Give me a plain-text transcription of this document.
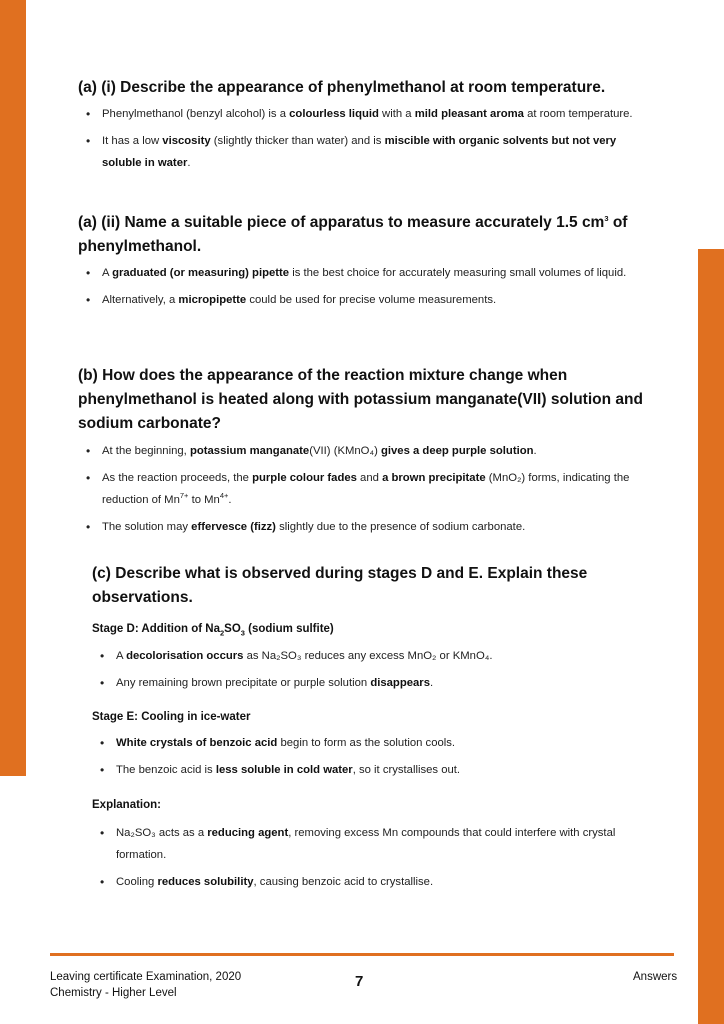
(a) (i) Describe the appearance of phenylmethanol at room temperature.
• Phenylmethanol (benzyl alcohol) is a colourless liquid with a mild pleasant aroma at room temperature.
• It has a low viscosity (slightly thicker than water) and is miscible with organic solvents but not very soluble in water.
(a) (ii) Name a suitable piece of apparatus to measure accurately 1.5 $cm^3$ of phenylmethanol.
• A graduated (or measuring) pipette is the best choice for accurately measuring small volumes of liquid.
• Alternatively, a micropipette could be used for precise volume measurements.
(b) How does the appearance of the reaction mixture change when phenylmethanol is heated along with potassium manganate(VII) solution and sodium carbonate?
• At the beginning, potassium manganate(VII) (KMnO₄) gives a deep purple solution.
• As the reaction proceeds, the purple colour fades and a brown precipitate (MnO₂) forms, indicating the reduction of $Mn^{7+}$ to $Mn^{4+}$.
• The solution may effervesce (fizz) slightly due to the presence of sodium carbonate.
(c) Describe what is observed during stages D and E. Explain these observations.
Stage D: Addition of $Na_2SO_3$ (sodium sulfite)
• A decolorisation occurs as Na₂SO₃ reduces any excess MnO₂ or KMnO₄.
• Any remaining brown precipitate or purple solution disappears.
Stage E: Cooling in ice-water
• White crystals of benzoic acid begin to form as the solution cools.
• The benzoic acid is less soluble in cold water, so it crystallises out.
Explanation:
• Na₂SO₃ acts as a reducing agent, removing excess Mn compounds that could interfere with crystal formation.
• Cooling reduces solubility, causing benzoic acid to crystallise.
Leaving certificate Examination, 2020
Chemistry - Higher Level
7	Answers
